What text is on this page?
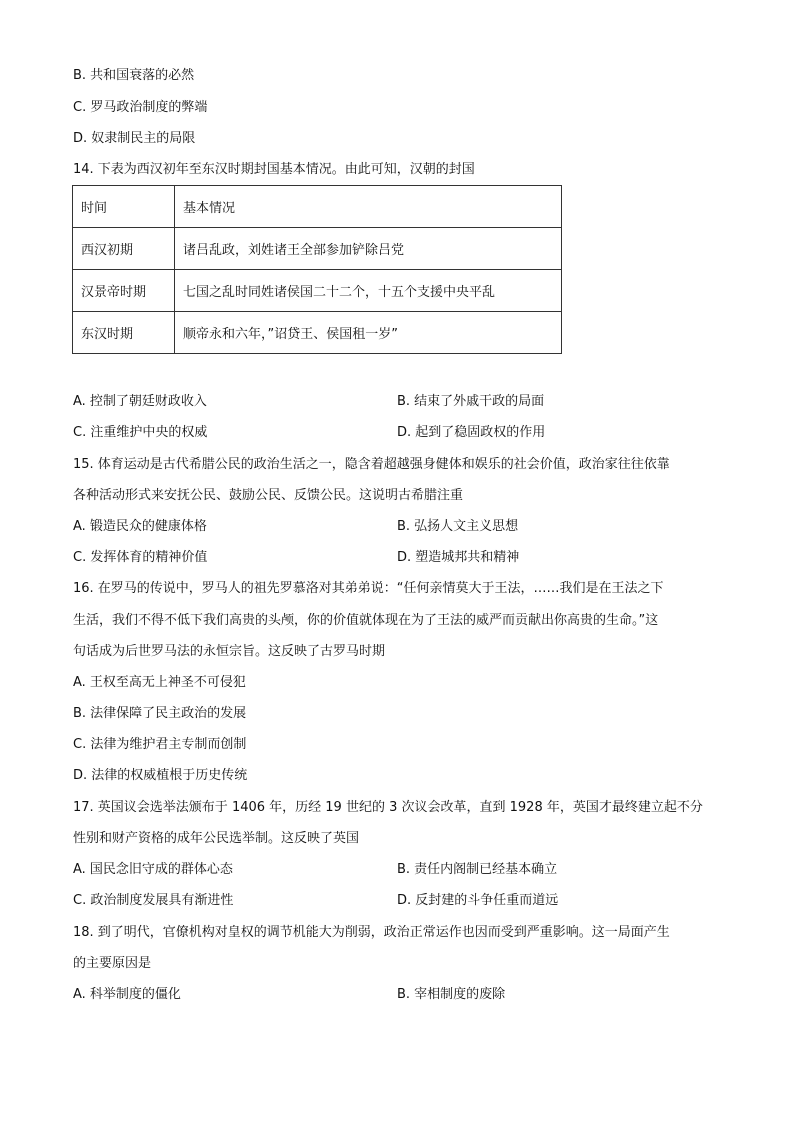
B. 共和国衰落的必然
C. 罗马政治制度的弊端
D. 奴隶制民主的局限
14. 下表为西汉初年至东汉时期封国基本情况。由此可知，汉朝的封国
时间	基本情况
西汉初期	诸吕乱政，刘姓诸王全部参加铲除吕党
汉景帝时期	七国之乱时同姓诸侯国二十二个，十五个支援中央平乱
东汉时期	顺帝永和六年，”诏贷王、侯国租一岁”
A. 控制了朝廷财政收入	B. 结束了外戚干政的局面
C. 注重维护中央的权威	D. 起到了稳固政权的作用
15. 体育运动是古代希腊公民的政治生活之一，隐含着超越强身健体和娱乐的社会价值，政治家往往依靠
各种活动形式来安抚公民、鼓励公民、反馈公民。这说明古希腊注重
A. 锻造民众的健康体格	B. 弘扬人文主义思想
C. 发挥体育的精神价值	D. 塑造城邦共和精神
16. 在罗马的传说中，罗马人的祖先罗慕洛对其弟弟说：“任何亲情莫大于王法，……我们是在王法之下
生活，我们不得不低下我们高贵的头颅，你的价值就体现在为了王法的威严而贡献出你高贵的生命。”这
句话成为后世罗马法的永恒宗旨。这反映了古罗马时期
A. 王权至高无上神圣不可侵犯
B. 法律保障了民主政治的发展
C. 法律为维护君主专制而创制
D. 法律的权威植根于历史传统
17. 英国议会选举法颁布于 1406 年，历经 19 世纪的 3 次议会改革，直到 1928 年，英国才最终建立起不分
性别和财产资格的成年公民选举制。这反映了英国
A. 国民念旧守成的群体心态	B. 责任内阁制已经基本确立
C. 政治制度发展具有渐进性	D. 反封建的斗争任重而道远
18. 到了明代，官僚机构对皇权的调节机能大为削弱，政治正常运作也因而受到严重影响。这一局面产生
的主要原因是
A. 科举制度的僵化	B. 宰相制度的废除
